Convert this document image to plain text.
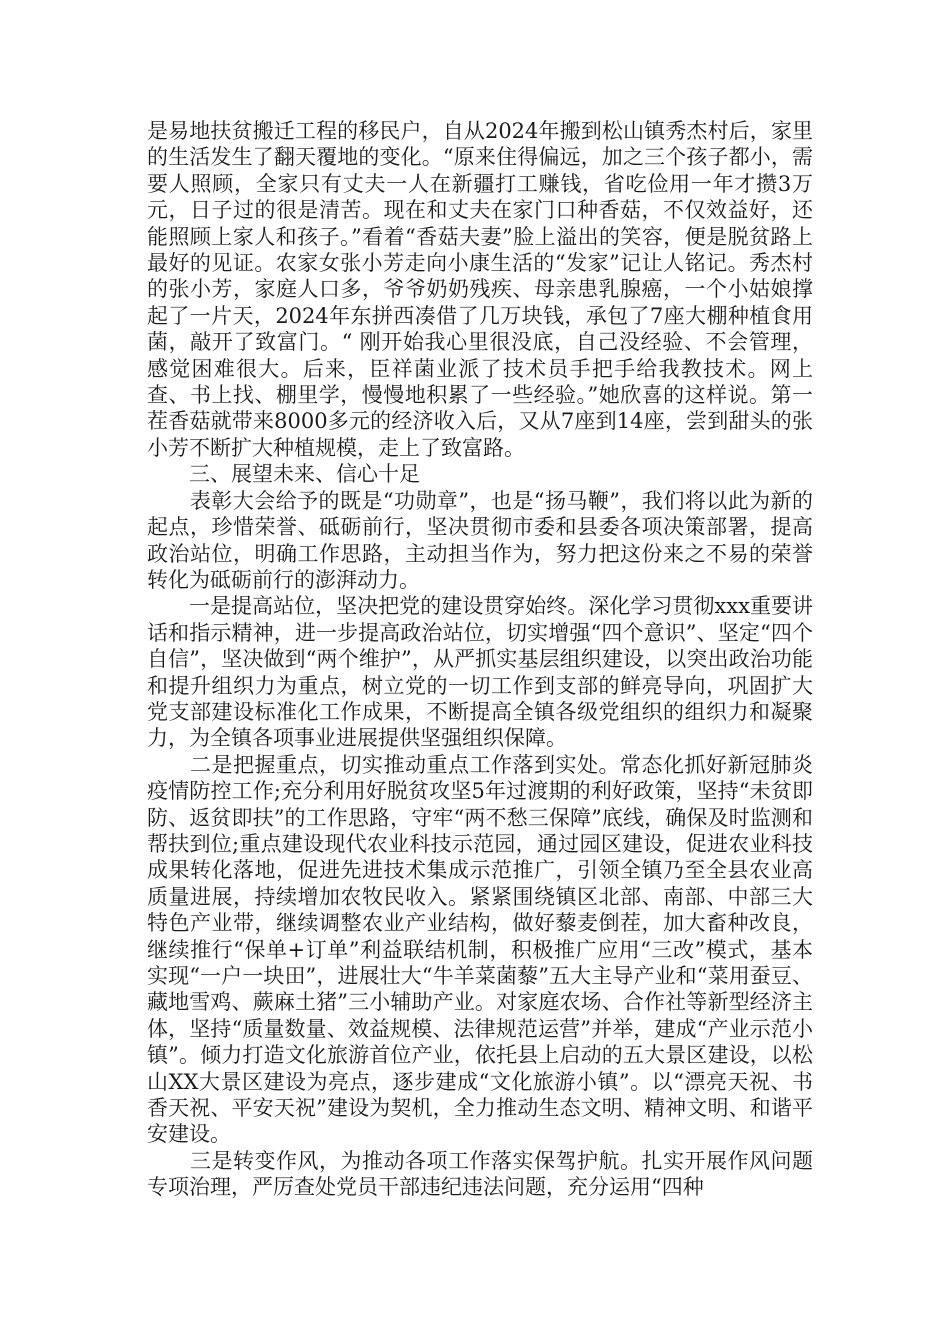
是易地扶贫搬迁工程的移民户，自从2024年搬到松山镇秀杰村后，家里的生活发生了翻天覆地的变化。“原来住得偏远，加之三个孩子都小，需要人照顾，全家只有丈夫一人在新疆打工赚钱，省吃俭用一年才攒3万元，日子过的很是清苦。现在和丈夫在家门口种香菇，不仅效益好，还能照顾上家人和孩子。”看着“香菇夫妻”脸上溢出的笑容，便是脱贫路上最好的见证。农家女张小芳走向小康生活的“发家”记让人铭记。秀杰村的张小芳，家庭人口多，爷爷奶奶残疾、母亲患乳腺癌，一个小姑娘撑起了一片天，2024年东拼西凑借了几万块钱，承包了7座大棚种植食用菌，敲开了致富门。“ 刚开始我心里很没底，自己没经验、不会管理，感觉困难很大。后来，臣祥菌业派了技术员手把手给我教技术。网上查、书上找、棚里学，慢慢地积累了一些经验。”她欣喜的这样说。第一茬香菇就带来8000多元的经济收入后，又从7座到14座，尝到甜头的张小芳不断扩大种植规模，走上了致富路。

　　三、展望未来、信心十足

　　表彰大会给予的既是“功勋章”，也是“扬马鞭”，我们将以此为新的起点，珍惜荣誉、砥砺前行，坚决贯彻市委和县委各项决策部署，提高政治站位，明确工作思路，主动担当作为，努力把这份来之不易的荣誉转化为砥砺前行的澎湃动力。

　　一是提高站位，坚决把党的建设贯穿始终。深化学习贯彻xxx重要讲话和指示精神，进一步提高政治站位，切实增强“四个意识”、坚定“四个自信”，坚决做到“两个维护”，从严抓实基层组织建设，以突出政治功能和提升组织力为重点，树立党的一切工作到支部的鲜亮导向，巩固扩大党支部建设标准化工作成果，不断提高全镇各级党组织的组织力和凝聚力，为全镇各项事业进展提供坚强组织保障。

　　二是把握重点，切实推动重点工作落到实处。常态化抓好新冠肺炎疫情防控工作;充分利用好脱贫攻坚5年过渡期的利好政策，坚持“未贫即防、返贫即扶”的工作思路，守牢“两不愁三保障”底线，确保及时监测和帮扶到位;重点建设现代农业科技示范园，通过园区建设，促进农业科技成果转化落地，促进先进技术集成示范推广，引领全镇乃至全县农业高质量进展，持续增加农牧民收入。紧紧围绕镇区北部、南部、中部三大特色产业带，继续调整农业产业结构，做好藜麦倒茬，加大畜种改良，继续推行“保单+订单”利益联结机制，积极推广应用“三改”模式，基本实现“一户一块田”，进展壮大“牛羊菜菌藜”五大主导产业和“菜用蚕豆、藏地雪鸡、蕨麻土猪”三小辅助产业。对家庭农场、合作社等新型经济主体，坚持“质量数量、效益规模、法律规范运营”并举，建成“产业示范小镇”。倾力打造文化旅游首位产业，依托县上启动的五大景区建设，以松山XX大景区建设为亮点，逐步建成“文化旅游小镇”。以“漂亮天祝、书香天祝、平安天祝”建设为契机，全力推动生态文明、精神文明、和谐平安建设。

　　三是转变作风，为推动各项工作落实保驾护航。扎实开展作风问题专项治理，严厉查处党员干部违纪违法问题，充分运用“四种
